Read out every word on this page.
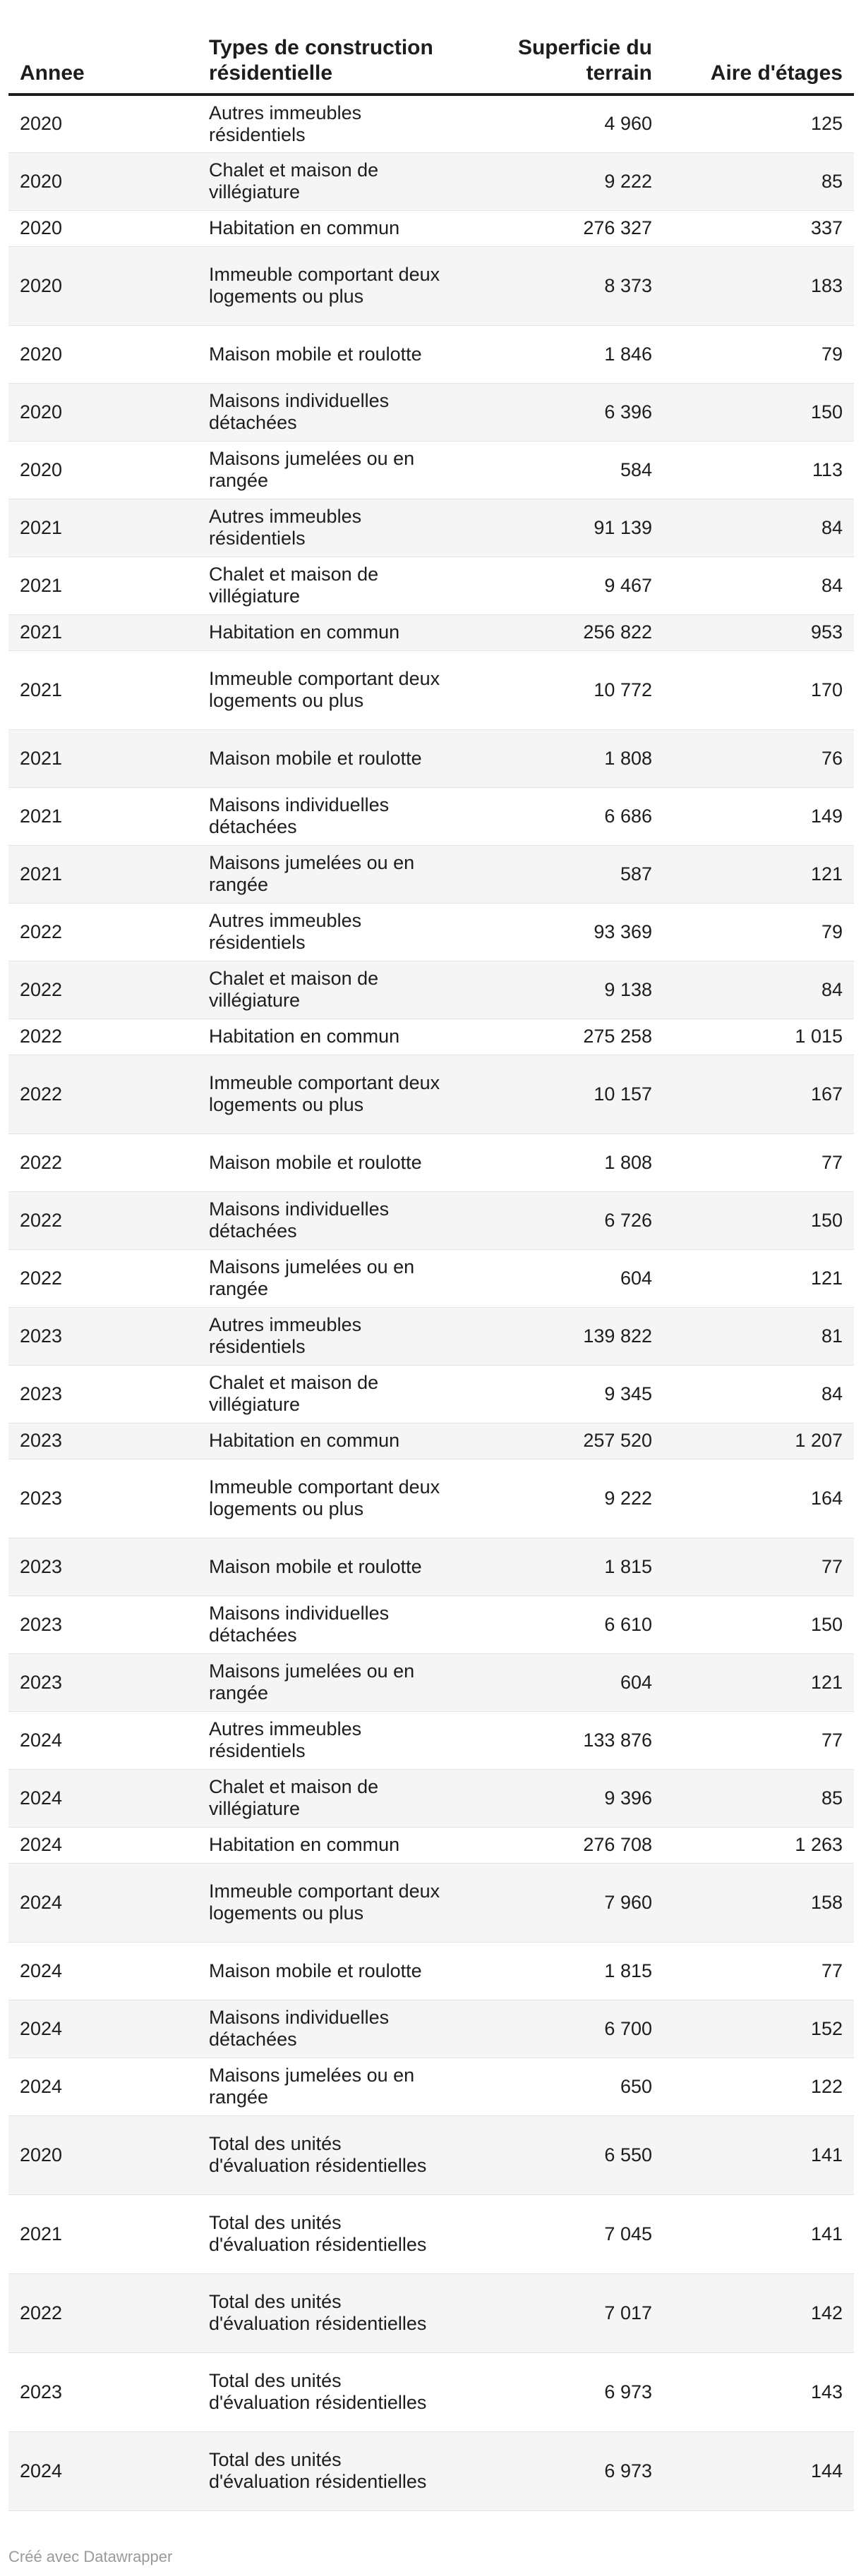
Annee	Types de construction résidentielle	Superficie du terrain	Aire d'étages
2020	Autres immeubles résidentiels	4 960	125
2020	Chalet et maison de villégiature	9 222	85
2020	Habitation en commun	276 327	337
2020	Immeuble comportant deux logements ou plus	8 373	183
2020	Maison mobile et roulotte	1 846	79
2020	Maisons individuelles détachées	6 396	150
2020	Maisons jumelées ou en rangée	584	113
2021	Autres immeubles résidentiels	91 139	84
2021	Chalet et maison de villégiature	9 467	84
2021	Habitation en commun	256 822	953
2021	Immeuble comportant deux logements ou plus	10 772	170
2021	Maison mobile et roulotte	1 808	76
2021	Maisons individuelles détachées	6 686	149
2021	Maisons jumelées ou en rangée	587	121
2022	Autres immeubles résidentiels	93 369	79
2022	Chalet et maison de villégiature	9 138	84
2022	Habitation en commun	275 258	1 015
2022	Immeuble comportant deux logements ou plus	10 157	167
2022	Maison mobile et roulotte	1 808	77
2022	Maisons individuelles détachées	6 726	150
2022	Maisons jumelées ou en rangée	604	121
2023	Autres immeubles résidentiels	139 822	81
2023	Chalet et maison de villégiature	9 345	84
2023	Habitation en commun	257 520	1 207
2023	Immeuble comportant deux logements ou plus	9 222	164
2023	Maison mobile et roulotte	1 815	77
2023	Maisons individuelles détachées	6 610	150
2023	Maisons jumelées ou en rangée	604	121
2024	Autres immeubles résidentiels	133 876	77
2024	Chalet et maison de villégiature	9 396	85
2024	Habitation en commun	276 708	1 263
2024	Immeuble comportant deux logements ou plus	7 960	158
2024	Maison mobile et roulotte	1 815	77
2024	Maisons individuelles détachées	6 700	152
2024	Maisons jumelées ou en rangée	650	122
2020	Total des unités d'évaluation résidentielles	6 550	141
2021	Total des unités d'évaluation résidentielles	7 045	141
2022	Total des unités d'évaluation résidentielles	7 017	142
2023	Total des unités d'évaluation résidentielles	6 973	143
2024	Total des unités d'évaluation résidentielles	6 973	144
Créé avec Datawrapper
